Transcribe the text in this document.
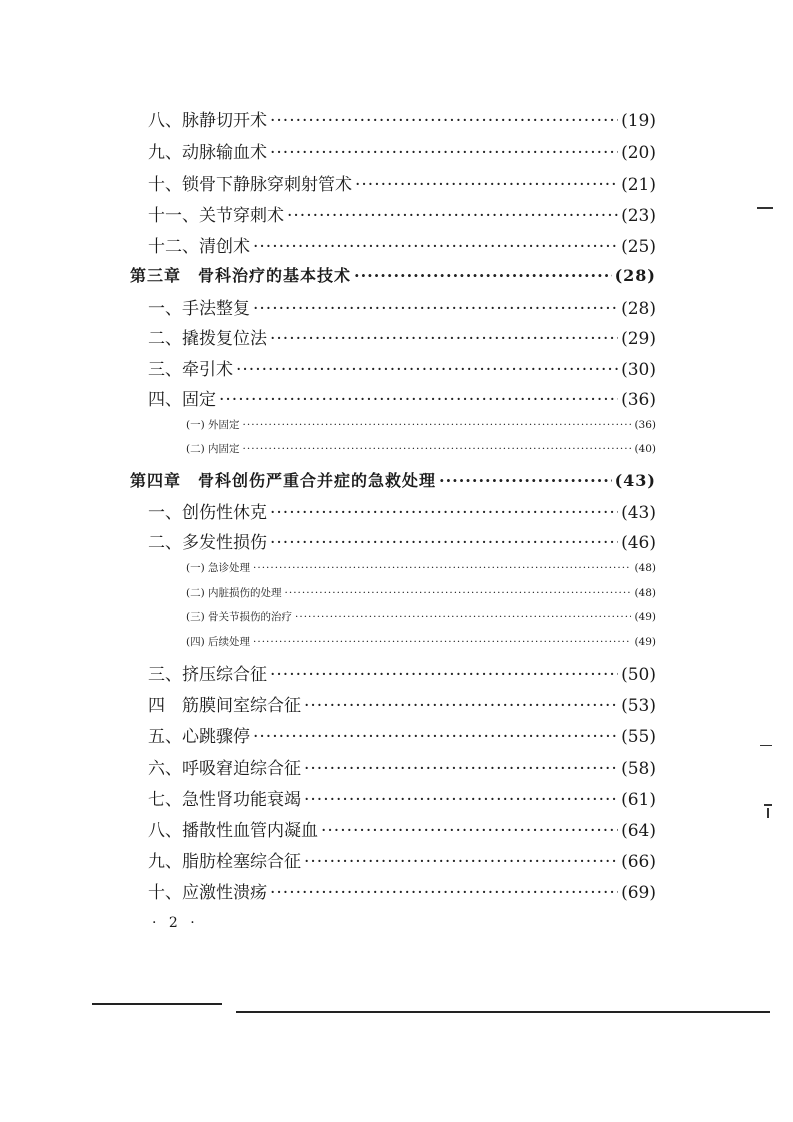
八、脉静切开术 ·····	(19)
九、动脉输血术 ·····	(20)
十、锁骨下静脉穿刺射管术 ·····	(21)
十一、关节穿刺术 ·····	(23)
十二、清创术 ·····	(25)
第三章　骨科治疗的基本技术 ·····	(28)
一、手法整复 ·····	(28)
二、撬拨复位法 ·····	(29)
三、牵引术 ·····	(30)
四、固定 ·····	(36)
(一) 外固定 ·····	(36)
(二) 内固定 ·····	(40)
第四章　骨科创伤严重合并症的急救处理 ·····	(43)
一、创伤性休克 ·····	(43)
二、多发性损伤 ·····	(46)
(一) 急诊处理 ·····	(48)
(二) 内脏损伤的处理 ·····	(48)
(三) 骨关节损伤的治疗 ·····	(49)
(四) 后续处理 ·····	(49)
三、挤压综合征 ·····	(50)
四　筋膜间室综合征 ·····	(53)
五、心跳骤停 ·····	(55)
六、呼吸窘迫综合征 ·····	(58)
七、急性肾功能衰竭 ·····	(61)
八、播散性血管内凝血 ·····	(64)
九、脂肪栓塞综合征 ·····	(66)
十、应激性溃疡 ·····	(69)
· 2 ·
